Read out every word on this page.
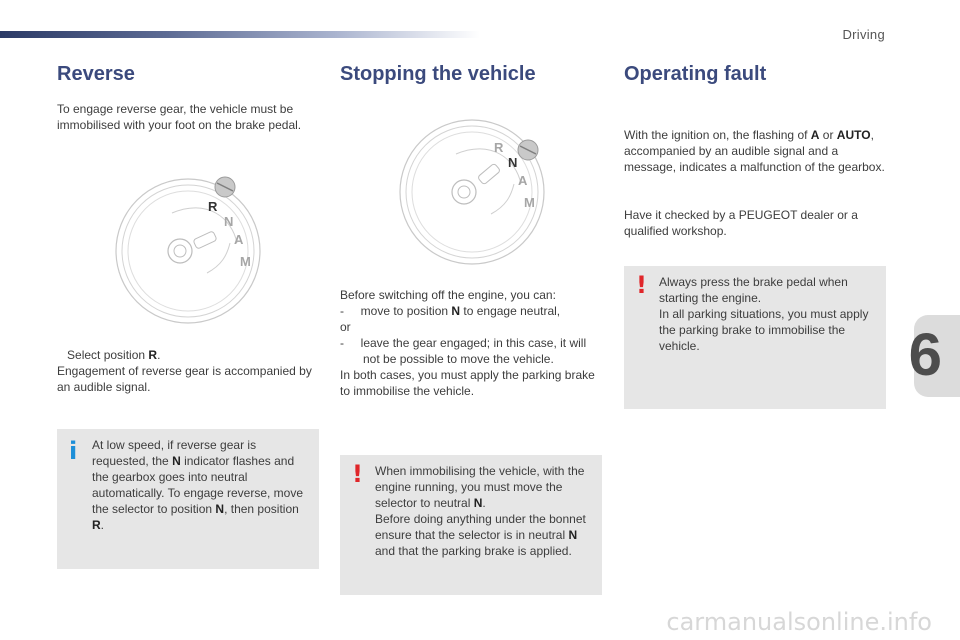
Driving
6
carmanualsonline.info
Reverse

To engage reverse gear, the vehicle must be immobilised with your foot on the brake pedal.

R
N
A
M

Select position R.

Engagement of reverse gear is accompanied by an audible signal.

i At low speed, if reverse gear is requested, the N indicator flashes and the gearbox goes into neutral automatically. To engage reverse, move the selector to position N, then position R.
Stopping the vehicle
R
N
A
M

Before switching off the engine, you can:

- move to position N to engage neutral,

or

- leave the gear engaged; in this case, it will not be possible to move the vehicle.

In both cases, you must apply the parking brake to immobilise the vehicle.

! When immobilising the vehicle, with the engine running, you must move the selector to neutral N.
Before doing anything under the bonnet ensure that the selector is in neutral N and that the parking brake is applied.
Operating fault

With the ignition on, the flashing of A or AUTO, accompanied by an audible signal and a message, indicates a malfunction of the gearbox.

Have it checked by a PEUGEOT dealer or a qualified workshop.

! Always press the brake pedal when starting the engine.
In all parking situations, you must apply the parking brake to immobilise the vehicle.
